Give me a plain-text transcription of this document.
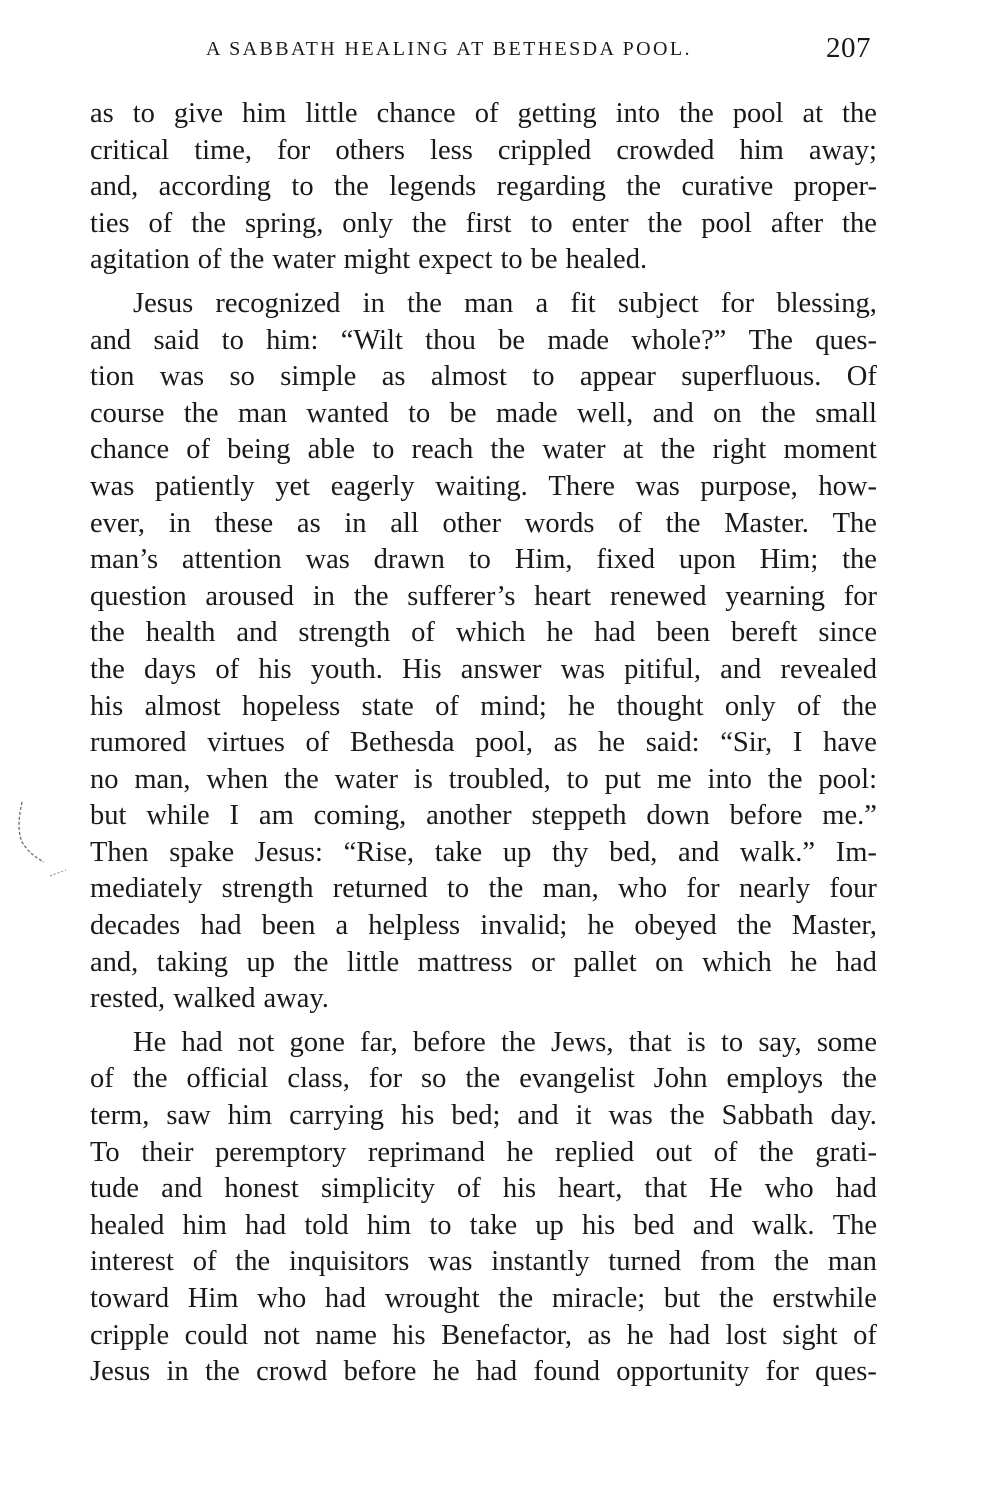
A SABBATH HEALING AT BETHESDA POOL.	207
as to give him little chance of getting into the pool at the
critical time, for others less crippled crowded him away;
and, according to the legends regarding the curative proper-
ties of the spring, only the first to enter the pool after the
agitation of the water might expect to be healed.
Jesus recognized in the man a fit subject for blessing,
and said to him: “Wilt thou be made whole?” The ques-
tion was so simple as almost to appear superfluous. Of
course the man wanted to be made well, and on the small
chance of being able to reach the water at the right moment
was patiently yet eagerly waiting. There was purpose, how-
ever, in these as in all other words of the Master. The
man’s attention was drawn to Him, fixed upon Him; the
question aroused in the sufferer’s heart renewed yearning for
the health and strength of which he had been bereft since
the days of his youth. His answer was pitiful, and revealed
his almost hopeless state of mind; he thought only of the
rumored virtues of Bethesda pool, as he said: “Sir, I have
no man, when the water is troubled, to put me into the pool:
but while I am coming, another steppeth down before me.”
Then spake Jesus: “Rise, take up thy bed, and walk.” Im-
mediately strength returned to the man, who for nearly four
decades had been a helpless invalid; he obeyed the Master,
and, taking up the little mattress or pallet on which he had
rested, walked away.
He had not gone far, before the Jews, that is to say, some
of the official class, for so the evangelist John employs the
term, saw him carrying his bed; and it was the Sabbath day.
To their peremptory reprimand he replied out of the grati-
tude and honest simplicity of his heart, that He who had
healed him had told him to take up his bed and walk. The
interest of the inquisitors was instantly turned from the man
toward Him who had wrought the miracle; but the erstwhile
cripple could not name his Benefactor, as he had lost sight of
Jesus in the crowd before he had found opportunity for ques-
